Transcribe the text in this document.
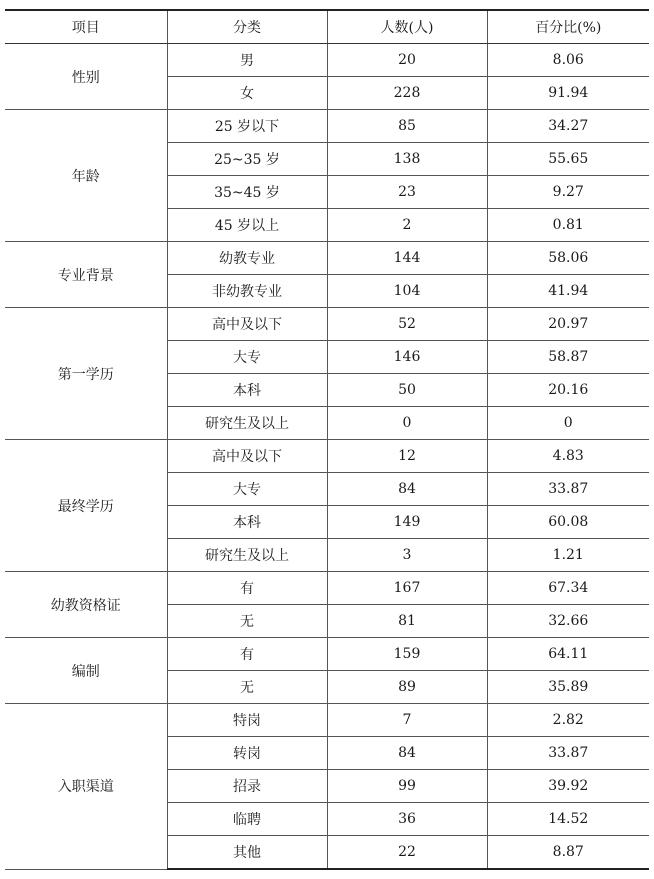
项目	分类	人数(人)	百分比(%)
性别	男	20	8.06
	女	228	91.94
年龄	25 岁以下	85	34.27
	25~35 岁	138	55.65
	35~45 岁	23	9.27
	45 岁以上	2	0.81
专业背景	幼教专业	144	58.06
	非幼教专业	104	41.94
第一学历	高中及以下	52	20.97
	大专	146	58.87
	本科	50	20.16
	研究生及以上	0	0
最终学历	高中及以下	12	4.83
	大专	84	33.87
	本科	149	60.08
	研究生及以上	3	1.21
幼教资格证	有	167	67.34
	无	81	32.66
编制	有	159	64.11
	无	89	35.89
入职渠道	特岗	7	2.82
	转岗	84	33.87
	招录	99	39.92
	临聘	36	14.52
	其他	22	8.87
